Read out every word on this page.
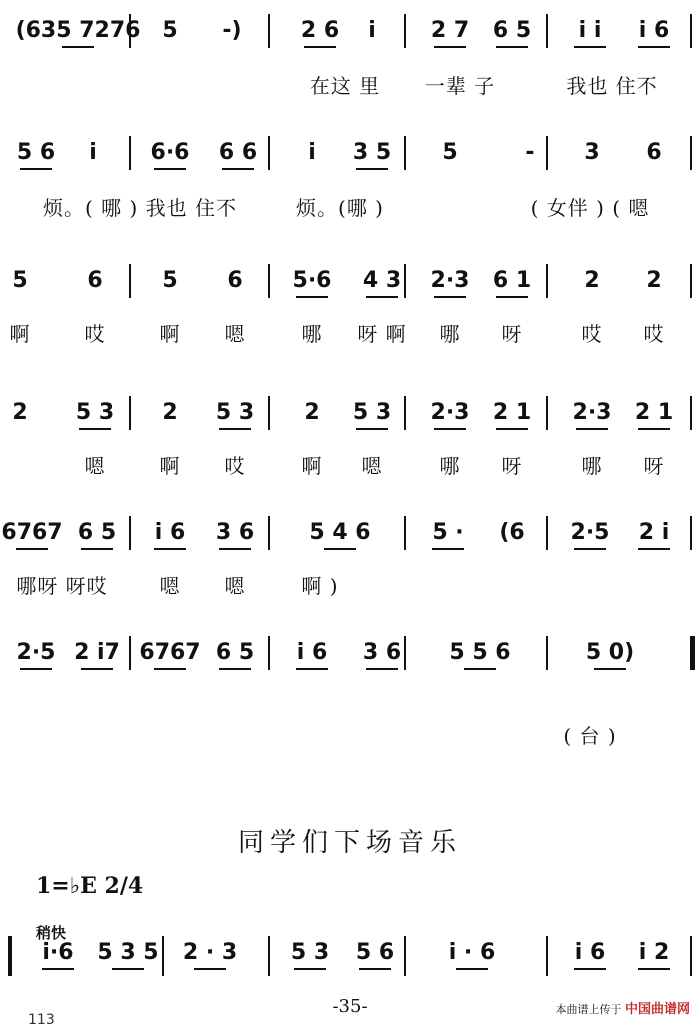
(635 7276 5 -)	2 6 i	2 7 6 5 i i i 6
在这 里 一辈 子	我也 住不
5 6 i 6·6 6 6 i 3 5 5	- 3 6
烦。( 哪 ) 我也 住不	烦。(哪 )	( 女伴 ) ( 嗯
5	6	5 6 5·6 4 3 2·3 6 1 2 2
啊	哎	啊 嗯	哪 呀 啊 哪 呀	哎 哎
2 5 3 2 5 3 2 5 3 2·3 2 1 2·3 2 1
嗯	啊 哎	啊 嗯	哪 呀	哪 呀
6767 6 5 i 6 3 6	5 4 6	5 · (6 2·5 2 i
哪呀 呀哎	嗯 嗯	啊 )
2·5 2 i7 6767 6 5 i 6 3 6 5 5 6	5 0)
( 台 )
i·6 5 3 5 2 · 3 5 3 5 6 i · 6	i 6 i 2
同学们下场音乐
1=♭E 2/4
稍快
-35-	本曲谱上传于 中国曲谱网
113
